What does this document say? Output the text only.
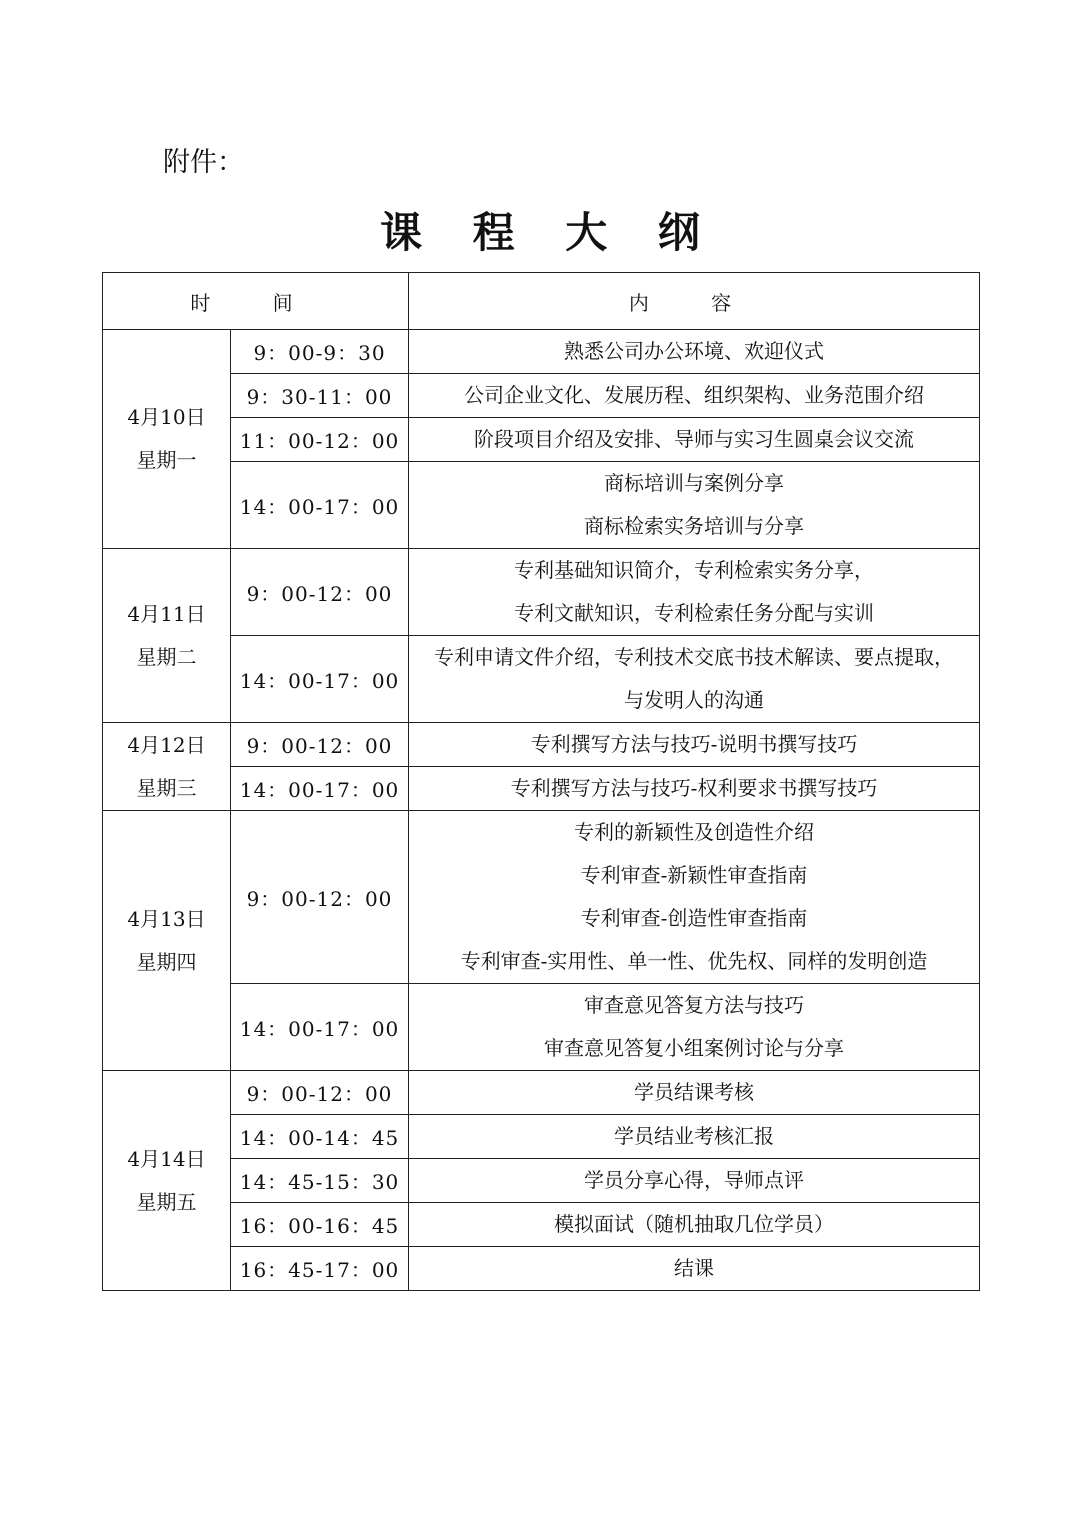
附件：
课 程 大 纲
时 间		内 容

4月10日
星期一	9：00-9：30	熟悉公司办公环境、欢迎仪式

	9：30-11：00	公司企业文化、发展历程、组织架构、业务范围介绍

	11：00-12：00	阶段项目介绍及安排、导师与实习生圆桌会议交流

	14：00-17：00	商标培训与案例分享
商标检索实务培训与分享

4月11日
星期二	9：00-12：00	专利基础知识简介，专利检索实务分享，
专利文献知识，专利检索任务分配与实训

	14：00-17：00	专利申请文件介绍，专利技术交底书技术解读、要点提取，
与发明人的沟通

4月12日
星期三	9：00-12：00	专利撰写方法与技巧-说明书撰写技巧

	14：00-17：00	专利撰写方法与技巧-权利要求书撰写技巧

4月13日
星期四	9：00-12：00	专利的新颖性及创造性介绍
专利审查-新颖性审查指南
专利审查-创造性审查指南
专利审查-实用性、单一性、优先权、同样的发明创造

	14：00-17：00	审查意见答复方法与技巧
审查意见答复小组案例讨论与分享

4月14日
星期五	9：00-12：00	学员结课考核

	14：00-14：45	学员结业考核汇报

	14：45-15：30	学员分享心得，导师点评

	16：00-16：45	模拟面试（随机抽取几位学员）

	16：45-17：00	结课
